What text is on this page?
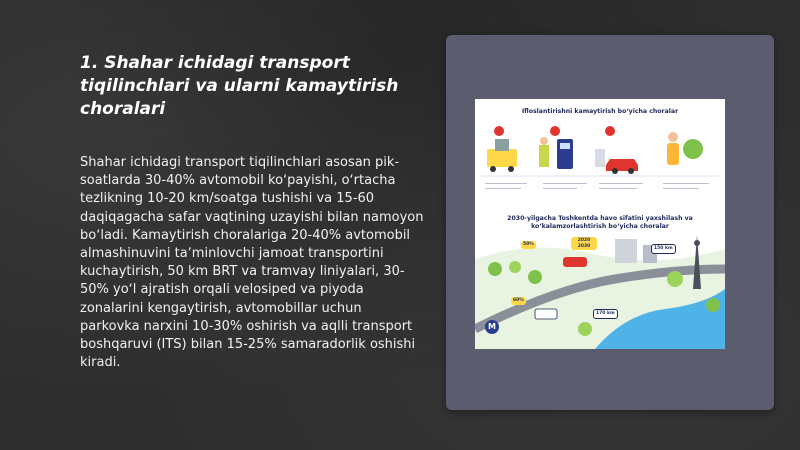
1. Shahar ichidagi transport tiqilinchlari va ularni kamaytirish choralari

Shahar ichidagi transport tiqilinchlari asosan pik-soatlarda 30-40% avtomobil koʻpayishi, oʻrtacha tezlikning 10-20 km/soatga tushishi va 15-60 daqiqagacha safar vaqtining uzayishi bilan namoyon boʻladi. Kamaytirish choralariga 20-40% avtomobil almashinuvini taʼminlovchi jamoat transportini kuchaytirish, 50 km BRT va tramvay liniyalari, 30-50% yoʻl ajratish orqali velosiped va piyoda zonalarini kengaytirish, avtomobillar uchun parkovka narxini 10-30% oshirish va aqlli transport boshqaruvi (ITS) bilan 15-25% samaradorlik oshishi kiradi.

Ifloslantirishni kamaytirish boʻyicha choralar
2030-yilgacha Toshkentda havo sifatini yaxshilash va koʻkalamzorlashtirish boʻyicha choralar
50%
2020 2030	150 km
60%
170 km
M
